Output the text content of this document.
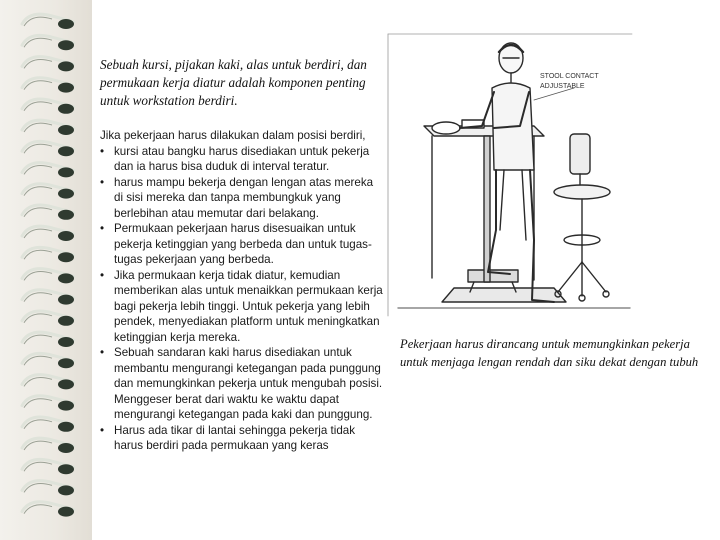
Sebuah kursi, pijakan kaki, alas untuk berdiri, dan permukaan kerja diatur adalah komponen penting untuk workstation berdiri.

Jika pekerjaan harus dilakukan dalam posisi berdiri,

• kursi atau bangku harus disediakan untuk pekerja dan ia harus bisa duduk di interval teratur.
• harus mampu bekerja dengan lengan atas mereka di sisi mereka dan tanpa membungkuk yang berlebihan atau memutar dari belakang.
• Permukaan pekerjaan harus disesuaikan untuk pekerja ketinggian yang berbeda dan untuk tugas-tugas pekerjaan yang berbeda.
• Jika permukaan kerja tidak diatur, kemudian memberikan alas untuk menaikkan permukaan kerja bagi pekerja lebih tinggi. Untuk pekerja yang lebih pendek, menyediakan platform untuk meningkatkan ketinggian kerja mereka.
• Sebuah sandaran kaki harus disediakan untuk membantu mengurangi ketegangan pada punggung dan memungkinkan pekerja untuk mengubah posisi. Menggeser berat dari waktu ke waktu dapat mengurangi ketegangan pada kaki dan punggung.
• Harus ada tikar di lantai sehingga pekerja tidak harus berdiri pada permukaan yang keras
STOOL CONTACT
ADJUSTABLE

Pekerjaan harus dirancang untuk memungkinkan pekerja untuk menjaga lengan rendah dan siku dekat dengan tubuh
